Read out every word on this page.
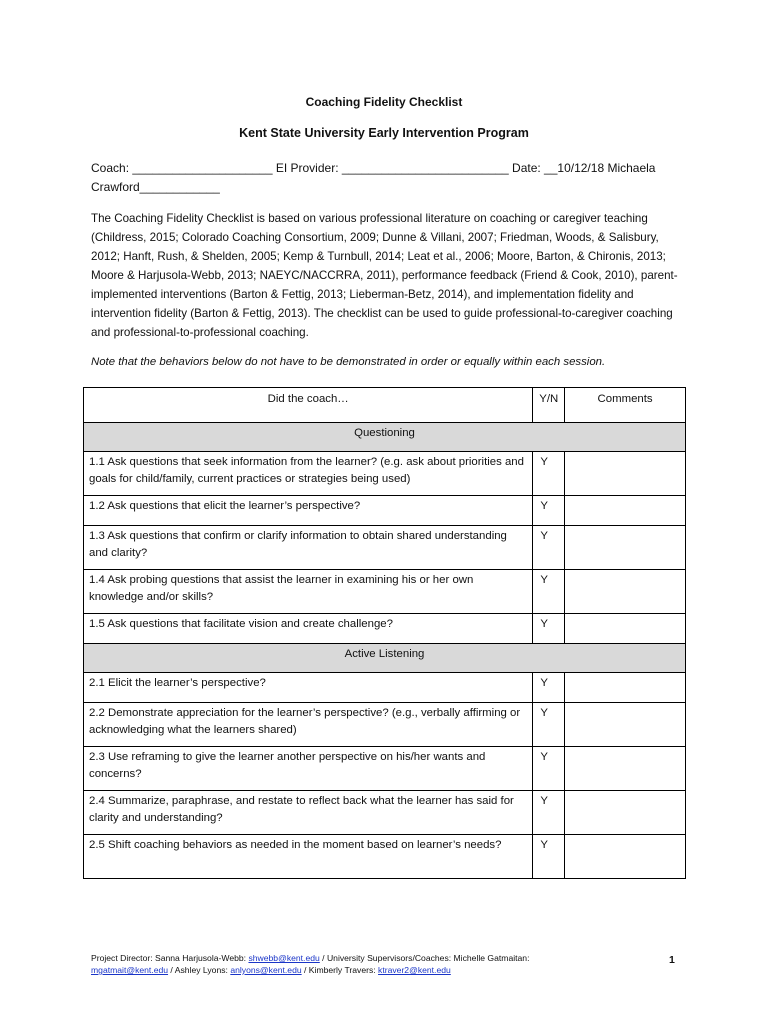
Coaching Fidelity Checklist
Kent State University Early Intervention Program
Coach: _____________________ EI Provider: _________________________ Date: __10/12/18 Michaela
Crawford____________
The Coaching Fidelity Checklist is based on various professional literature on coaching or caregiver teaching (Childress, 2015; Colorado Coaching Consortium, 2009; Dunne & Villani, 2007; Friedman, Woods, & Salisbury, 2012; Hanft, Rush, & Shelden, 2005; Kemp & Turnbull, 2014; Leat et al., 2006; Moore, Barton, & Chironis, 2013; Moore & Harjusola-Webb, 2013; NAEYC/NACCRRA, 2011), performance feedback (Friend & Cook, 2010), parent-implemented interventions (Barton & Fettig, 2013; Lieberman-Betz, 2014), and implementation fidelity and intervention fidelity (Barton & Fettig, 2013). The checklist can be used to guide professional-to-caregiver coaching and professional-to-professional coaching.
Note that the behaviors below do not have to be demonstrated in order or equally within each session.
Did the coach…	Y/N	Comments
Questioning		
1.1 Ask questions that seek information from the learner? (e.g. ask about priorities and goals for child/family, current practices or strategies being used)	Y	
1.2 Ask questions that elicit the learner’s perspective?	Y	
1.3 Ask questions that confirm or clarify information to obtain shared understanding and clarity?	Y	
1.4 Ask probing questions that assist the learner in examining his or her own knowledge and/or skills?	Y	
1.5 Ask questions that facilitate vision and create challenge?	Y	
Active Listening		
2.1 Elicit the learner’s perspective?	Y	
2.2 Demonstrate appreciation for the learner’s perspective? (e.g., verbally affirming or acknowledging what the learners shared)	Y	
2.3 Use reframing to give the learner another perspective on his/her wants and concerns?	Y	
2.4 Summarize, paraphrase, and restate to reflect back what the learner has said for clarity and understanding?	Y	
2.5 Shift coaching behaviors as needed in the moment based on learner’s needs?	Y	
Project Director: Sanna Harjusola-Webb: shwebb@kent.edu / University Supervisors/Coaches: Michelle Gatmaitan: mgatmait@kent.edu / Ashley Lyons: anlyons@kent.edu / Kimberly Travers: ktraver2@kent.edu
1
